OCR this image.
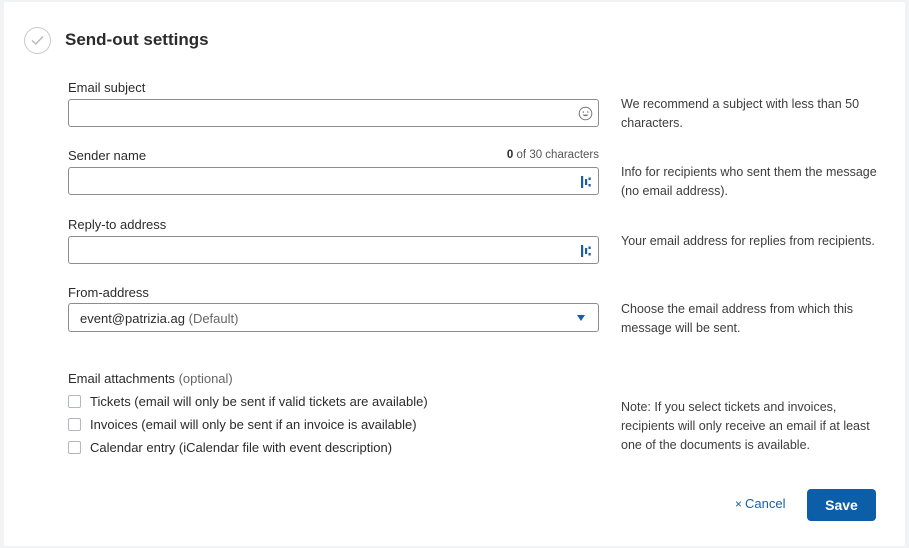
Send-out settings
Email subject
We recommend a subject with less than 50 characters.
Sender name	0 of 30 characters
Info for recipients who sent them the message (no email address).
Reply-to address
Your email address for replies from recipients.
From-address
event@patrizia.ag (Default)
Choose the email address from which this message will be sent.
Email attachments (optional)
Tickets (email will only be sent if valid tickets are available)
Invoices (email will only be sent if an invoice is available)
Calendar entry (iCalendar file with event description)
Note: If you select tickets and invoices, recipients will only receive an email if at least one of the documents is available.
× Cancel	Save
